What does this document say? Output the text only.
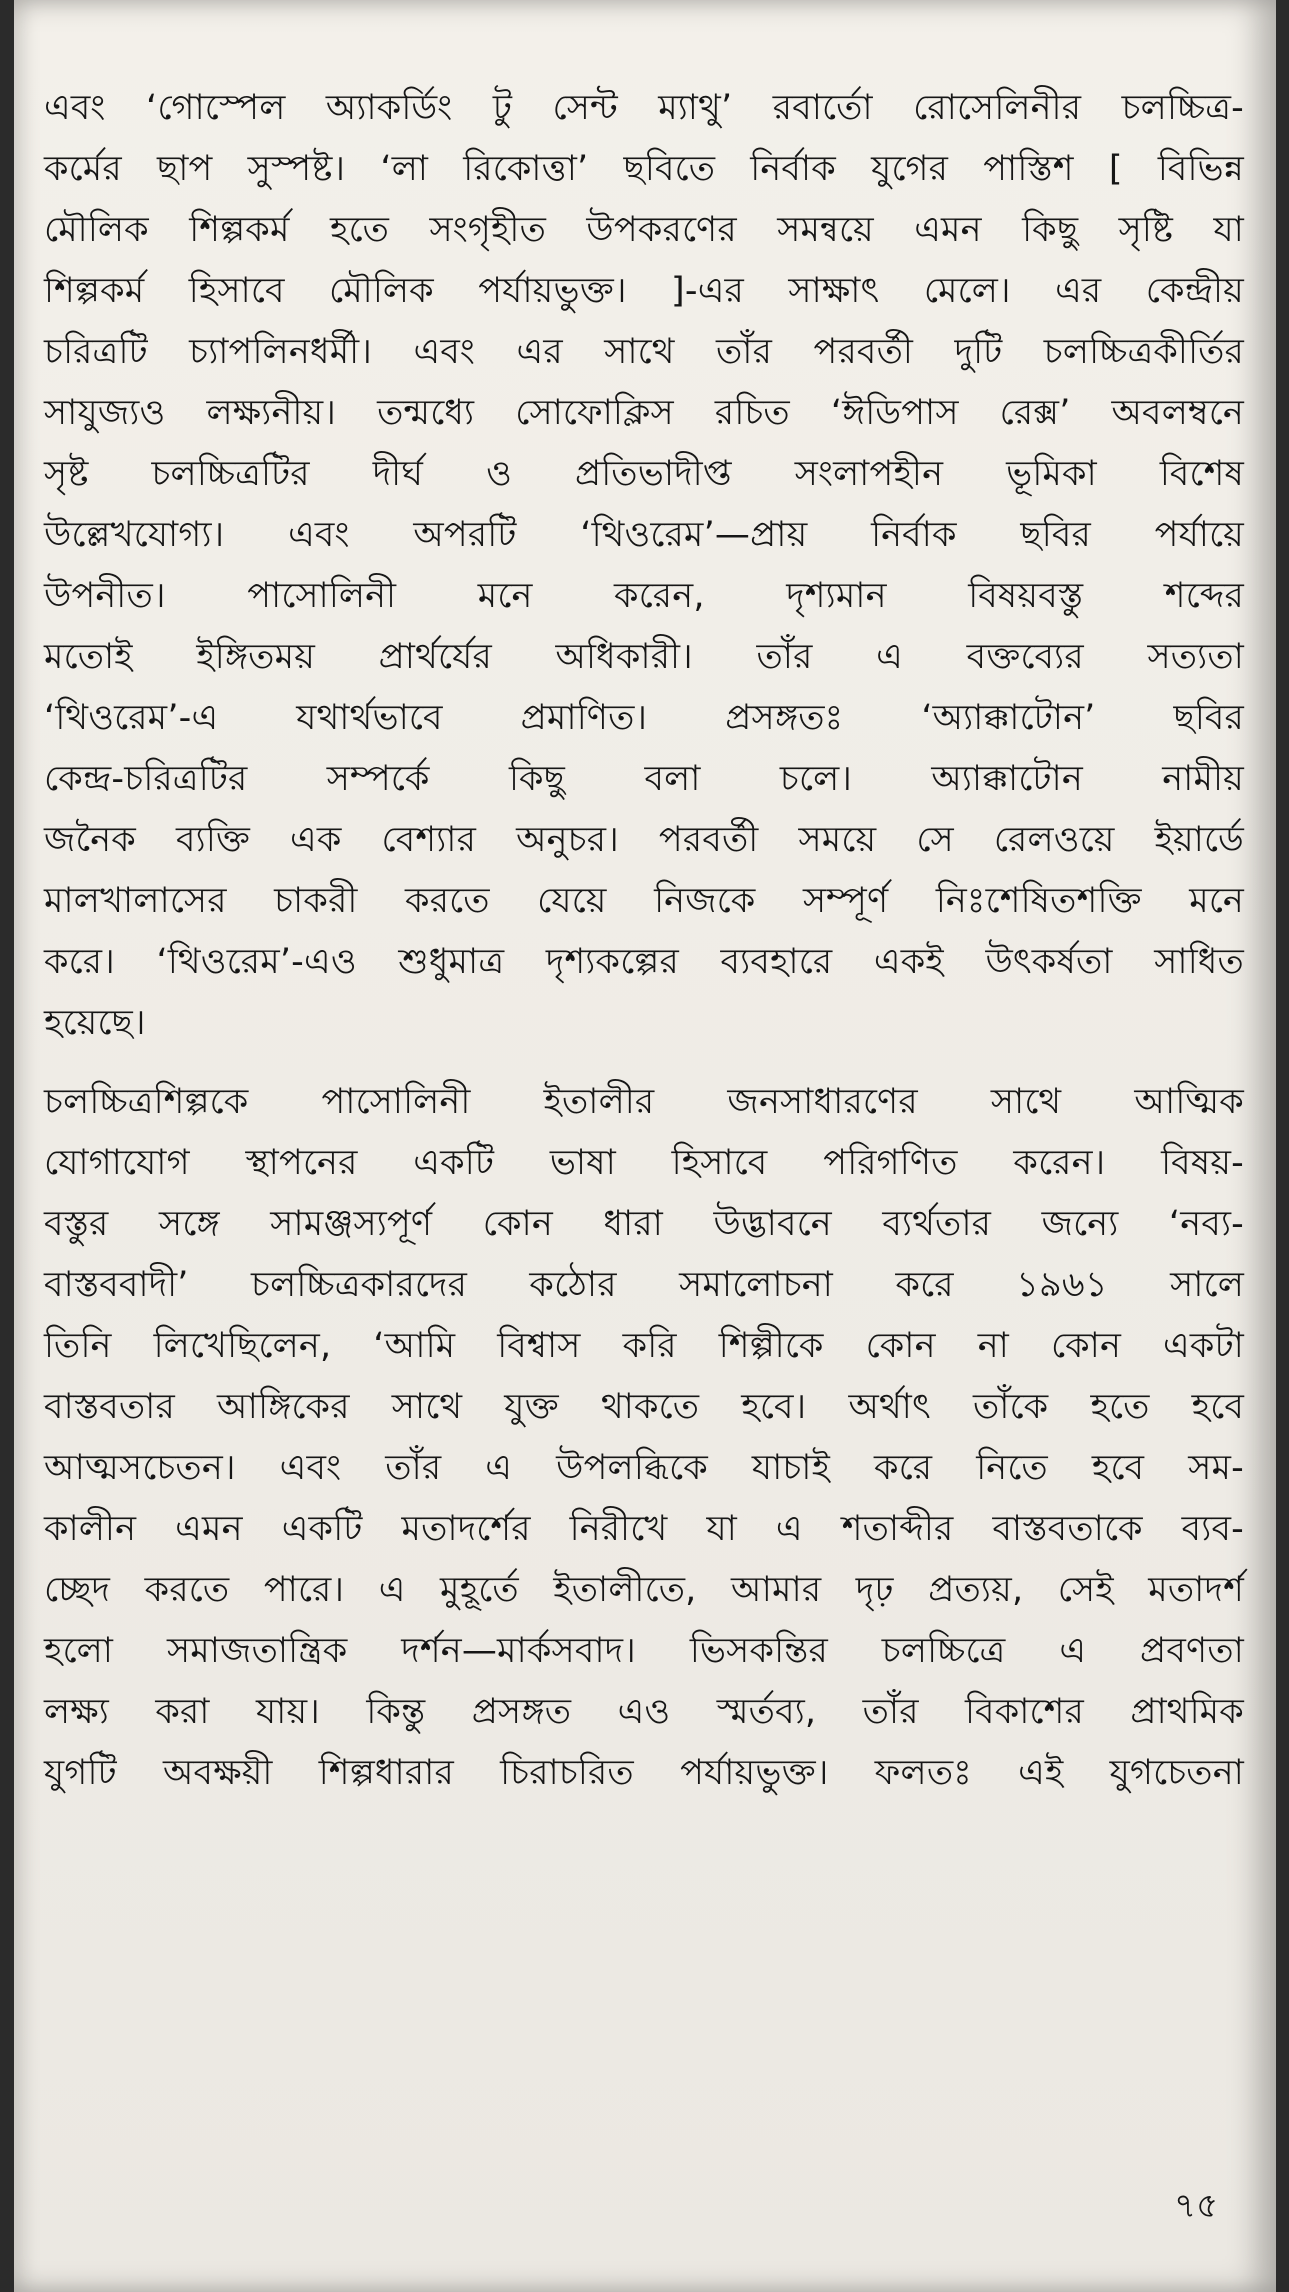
এবং ‘গোস্পেল অ্যাকর্ডিং টু সেন্ট ম্যাথু’ রবার্তো রোসেলিনীর চলচ্চিত্র-
কর্মের ছাপ সুস্পষ্ট। ‘লা রিকোত্তা’ ছবিতে নির্বাক যুগের পাস্তিশ [ বিভিন্ন
মৌলিক শিল্পকর্ম হতে সংগৃহীত উপকরণের সমন্বয়ে এমন কিছু সৃষ্টি যা
শিল্পকর্ম হিসাবে মৌলিক পর্যায়ভুক্ত। ]-এর সাক্ষাৎ মেলে। এর কেন্দ্রীয়
চরিত্রটি চ্যাপলিনধর্মী। এবং এর সাথে তাঁর পরবর্তী দুটি চলচ্চিত্রকীর্তির
সাযুজ্যও লক্ষ্যনীয়। তন্মধ্যে সোফোক্লিস রচিত ‘ঈডিপাস রেক্স’ অবলম্বনে
সৃষ্ট চলচ্চিত্রটির দীর্ঘ ও প্রতিভাদীপ্ত সংলাপহীন ভূমিকা বিশেষ
উল্লেখযোগ্য। এবং অপরটি ‘থিওরেম’—প্রায় নির্বাক ছবির পর্যায়ে
উপনীত। পাসোলিনী মনে করেন, দৃশ্যমান বিষয়বস্তু শব্দের
মতোই ইঙ্গিতময় প্রার্থর্যের অধিকারী। তাঁর এ বক্তব্যের সত্যতা
‘থিওরেম’-এ যথার্থভাবে প্রমাণিত। প্রসঙ্গতঃ ‘অ্যাক্কাটোন’ ছবির
কেন্দ্র-চরিত্রটির সম্পর্কে কিছু বলা চলে। অ্যাক্কাটোন নামীয়
জনৈক ব্যক্তি এক বেশ্যার অনুচর। পরবর্তী সময়ে সে রেলওয়ে ইয়ার্ডে
মালখালাসের চাকরী করতে যেয়ে নিজকে সম্পূর্ণ নিঃশেষিতশক্তি মনে
করে। ‘থিওরেম’-এও শুধুমাত্র দৃশ্যকল্পের ব্যবহারে একই উৎকর্ষতা সাধিত
হয়েছে।
চলচ্চিত্রশিল্পকে পাসোলিনী ইতালীর জনসাধারণের সাথে আত্মিক
যোগাযোগ স্থাপনের একটি ভাষা হিসাবে পরিগণিত করেন। বিষয়-
বস্তুর সঙ্গে সামঞ্জস্যপূর্ণ কোন ধারা উদ্ভাবনে ব্যর্থতার জন্যে ‘নব্য-
বাস্তববাদী’ চলচ্চিত্রকারদের কঠোর সমালোচনা করে ১৯৬১ সালে
তিনি লিখেছিলেন, ‘আমি বিশ্বাস করি শিল্পীকে কোন না কোন একটা
বাস্তবতার আঙ্গিকের সাথে যুক্ত থাকতে হবে। অর্থাৎ তাঁকে হতে হবে
আত্মসচেতন। এবং তাঁর এ উপলব্ধিকে যাচাই করে নিতে হবে সম-
কালীন এমন একটি মতাদর্শের নিরীখে যা এ শতাব্দীর বাস্তবতাকে ব্যব-
চ্ছেদ করতে পারে। এ মুহূর্তে ইতালীতে, আমার দৃঢ় প্রত্যয়, সেই মতাদর্শ
হলো সমাজতান্ত্রিক দর্শন—মার্কসবাদ। ভিসকন্তির চলচ্চিত্রে এ প্রবণতা
লক্ষ্য করা যায়। কিন্তু প্রসঙ্গত এও স্মর্তব্য, তাঁর বিকাশের প্রাথমিক
যুগটি অবক্ষয়ী শিল্পধারার চিরাচরিত পর্যায়ভুক্ত। ফলতঃ এই যুগচেতনা
৭৫
